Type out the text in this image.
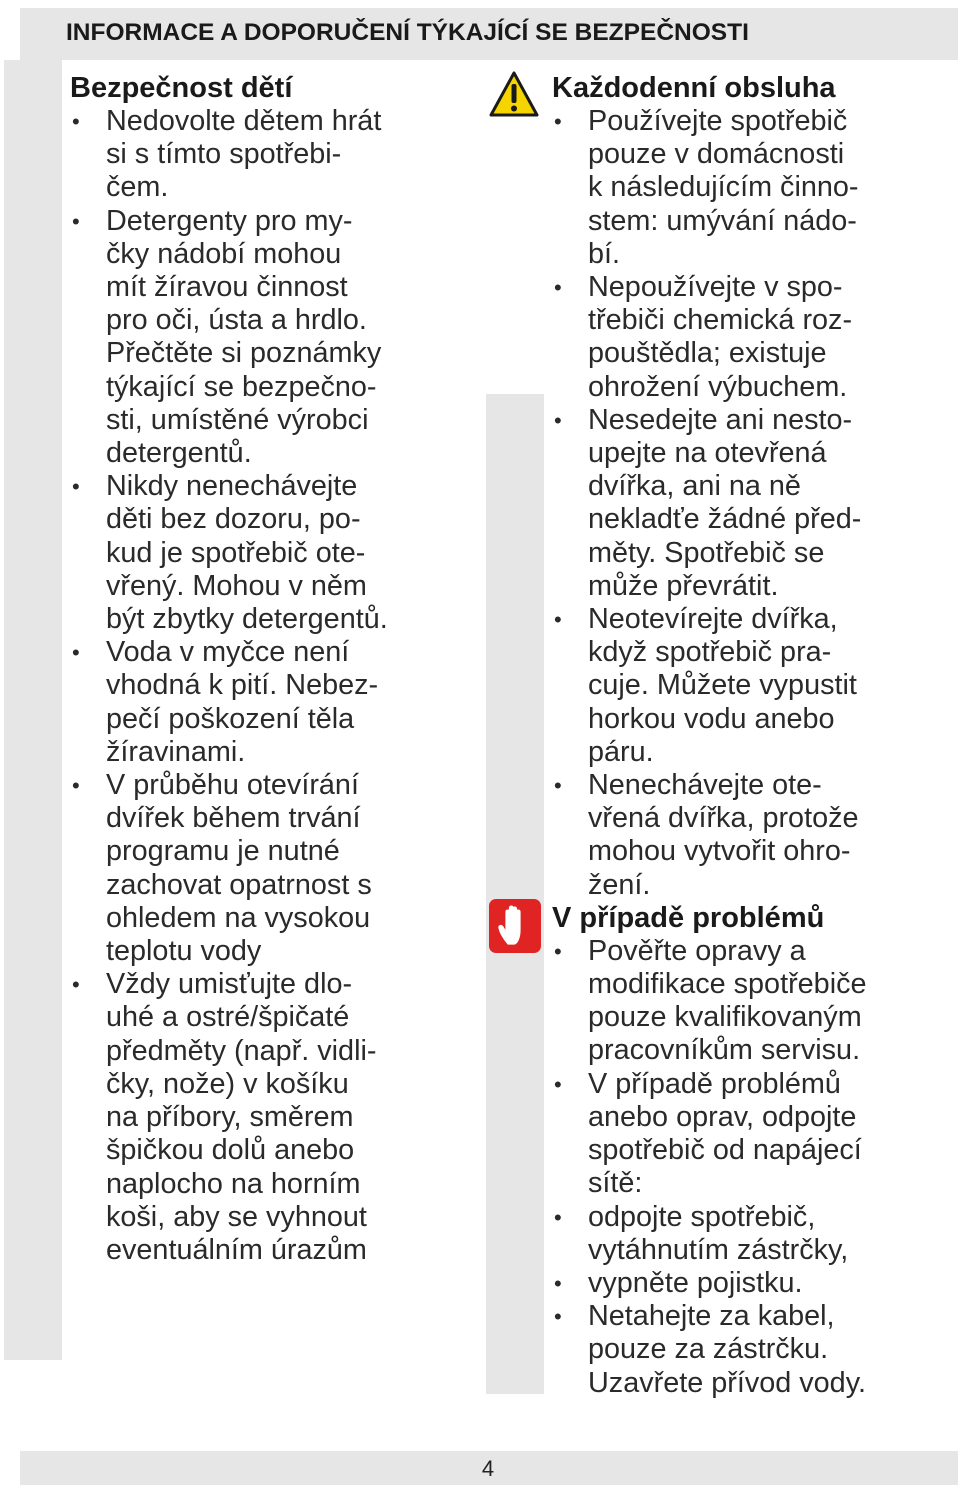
INFORMACE A DOPORUČENÍ TÝKAJÍCÍ SE BEZPEČNOSTI
Bezpečnost dětí
• Nedovolte dětem hrát
si s tímto spotřebi-
čem.
• Detergenty pro my-
čky nádobí mohou
mít žíravou činnost
pro oči, ústa a hrdlo.
Přečtěte si poznámky
týkající se bezpečno-
sti, umístěné výrobci
detergentů.
• Nikdy nenechávejte
děti bez dozoru, po-
kud je spotřebič ote-
vřený. Mohou v něm
být zbytky detergentů.
• Voda v myčce není
vhodná k pití. Nebez-
pečí poškození těla
žíravinami.
• V průběhu otevírání
dvířek během trvání
programu je nutné
zachovat opatrnost s
ohledem na vysokou
teplotu vody
• Vždy umisťujte dlo-
uhé a ostré/špičaté
předměty (např. vidli-
čky, nože) v košíku
na příbory, směrem
špičkou dolů anebo
naplocho na horním
koši, aby se vyhnout
eventuálním úrazům
Každodenní obsluha
• Používejte spotřebič
pouze v domácnosti
k následujícím činno-
stem: umývání nádo-
bí.
• Nepoužívejte v spo-
třebiči chemická roz-
pouštědla; existuje
ohrožení výbuchem.
• Nesedejte ani nesto-
upejte na otevřená
dvířka, ani na ně
nekladťe žádné před-
měty. Spotřebič se
může převrátit.
• Neotevírejte dvířka,
když spotřebič pra-
cuje. Můžete vypustit
horkou vodu anebo
páru.
• Nenechávejte ote-
vřená dvířka, protože
mohou vytvořit ohro-
žení.
V případě problémů
• Pověřte opravy a
modifikace spotřebiče
pouze kvalifikovaným
pracovníkům servisu.
• V případě problémů
anebo oprav, odpojte
spotřebič od napájecí
sítě:
• odpojte spotřebič,
vytáhnutím zástrčky,
• vypněte pojistku.
• Netahejte za kabel,
pouze za zástrčku.
Uzavřete přívod vody.
4
